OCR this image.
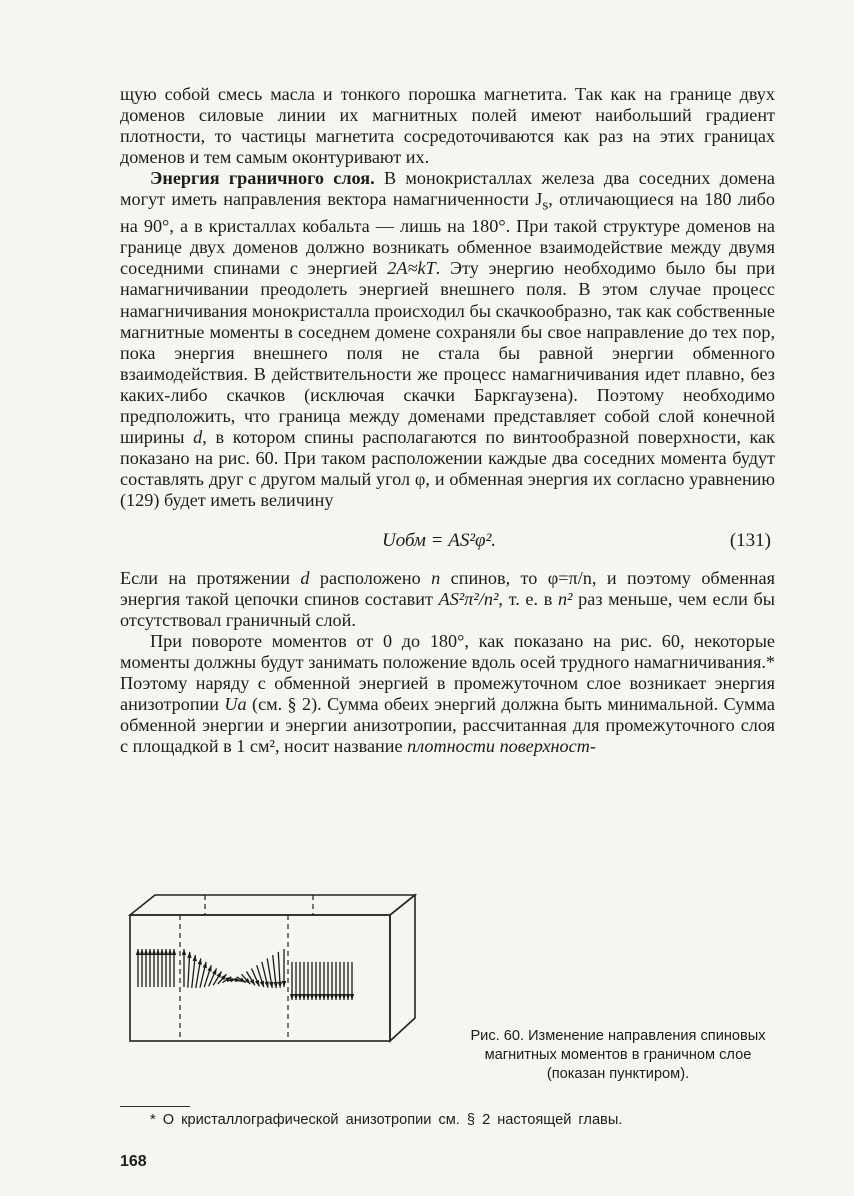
щую собой смесь масла и тонкого порошка магнетита. Так как на границе двух доменов силовые линии их магнитных полей имеют наибольший градиент плотности, то частицы магнетита сосредоточиваются как раз на этих границах доменов и тем самым оконтуривают их.

Энергия граничного слоя. В монокристаллах железа два соседних домена могут иметь направления вектора намагниченности $J_s$, отличающиеся на 180 либо на 90°, а в кристаллах кобальта — лишь на 180°. При такой структуре доменов на границе двух доменов должно возникать обменное взаимодействие между двумя соседними спинами с энергией 2A≈kT. Эту энергию необходимо было бы при намагничивании преодолеть энергией внешнего поля. В этом случае процесс намагничивания монокристалла происходил бы скачкообразно, так как собственные магнитные моменты в соседнем домене сохраняли бы свое направление до тех пор, пока энергия внешнего поля не стала бы равной энергии обменного взаимодействия. В действительности же процесс намагничивания идет плавно, без каких-либо скачков (исключая скачки Баркгаузена). Поэтому необходимо предположить, что граница между доменами представляет собой слой конечной ширины d, в котором спины располагаются по винтообразной поверхности, как показано на рис. 60. При таком расположении каждые два соседних момента будут составлять друг с другом малый угол φ, и обменная энергия их согласно уравнению (129) будет иметь величину

Uобм = AS²φ².	(131)

Если на протяжении d расположено n спинов, то φ=π/n, и поэтому обменная энергия такой цепочки спинов составит AS²π²/n², т. е. в n² раз меньше, чем если бы отсутствовал граничный слой.

При повороте моментов от 0 до 180°, как показано на рис. 60, некоторые моменты должны будут занимать положение вдоль осей трудного намагничивания.* Поэтому наряду с обменной энергией в промежуточном слое возникает энергия анизотропии Uа (см. § 2). Сумма обеих энергий должна быть минимальной. Сумма обменной энергии и энергии анизотропии, рассчитанная для промежуточного слоя с площадкой в 1 см², носит название плотности поверхност-

Рис. 60. Изменение направления спиновых магнитных моментов в граничном слое (показан пунктиром).
* О кристаллографической анизотропии см. § 2 настоящей главы.
168
